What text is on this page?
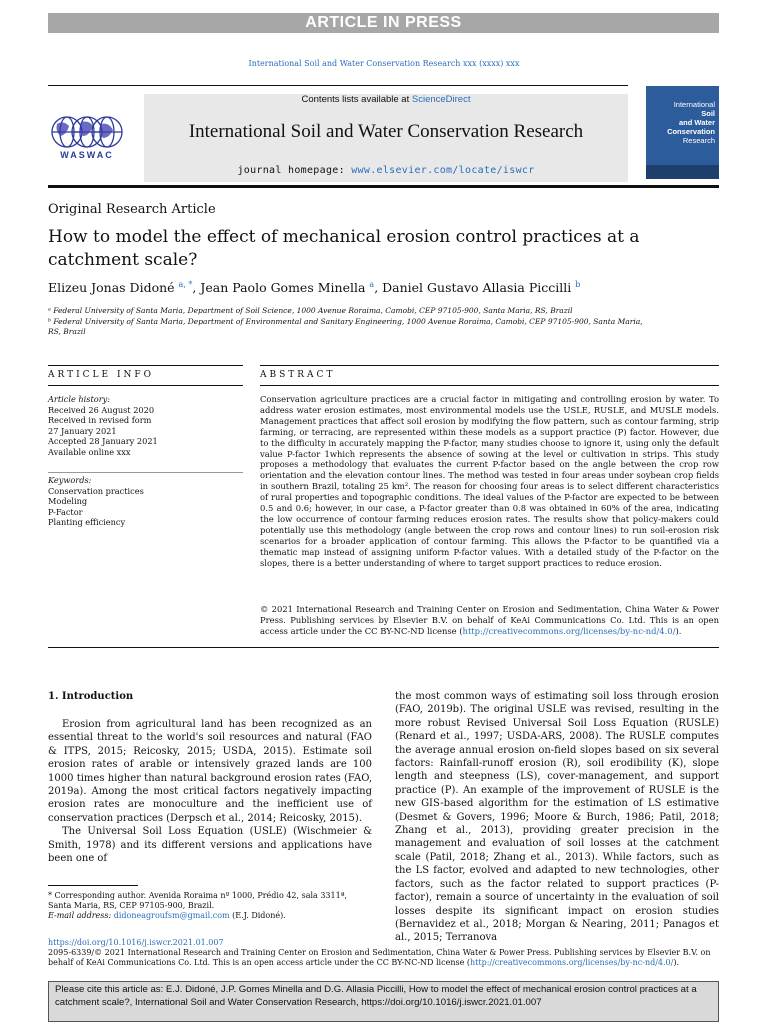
ARTICLE IN PRESS
International Soil and Water Conservation Research xxx (xxxx) xxx
WASWAC
Contents lists available at ScienceDirect
International Soil and Water Conservation Research
journal homepage: www.elsevier.com/locate/iswcr
International
Soil
and Water
Conservation
Research
Original Research Article
How to model the effect of mechanical erosion control practices at a catchment scale?
Elizeu Jonas Didoné $^{a, *}$, Jean Paolo Gomes Minella $^a$, Daniel Gustavo Allasia Piccilli $^b$
ᵃ Federal University of Santa Maria, Department of Soil Science, 1000 Avenue Roraima, Camobi, CEP 97105-900, Santa Maria, RS, Brazil
ᵇ Federal University of Santa Maria, Department of Environmental and Sanitary Engineering, 1000 Avenue Roraima, Camobi, CEP 97105-900, Santa Maria, RS, Brazil
ARTICLE INFO	ABSTRACT
Article history:
Received 26 August 2020
Received in revised form
27 January 2021
Accepted 28 January 2021
Available online xxx
Keywords:
Conservation practices
Modeling
P-Factor
Planting efficiency
Conservation agriculture practices are a crucial factor in mitigating and controlling erosion by water. To address water erosion estimates, most environmental models use the USLE, RUSLE, and MUSLE models. Management practices that affect soil erosion by modifying the flow pattern, such as contour farming, strip farming, or terracing, are represented within these models as a support practice (P) factor. However, due to the difficulty in accurately mapping the P-factor, many studies choose to ignore it, using only the default value P-factor 1which represents the absence of sowing at the level or cultivation in strips. This study proposes a methodology that evaluates the current P-factor based on the angle between the crop row orientation and the elevation contour lines. The method was tested in four areas under soybean crop fields in southern Brazil, totaling 25 km². The reason for choosing four areas is to select different characteristics of rural properties and topographic conditions. The ideal values of the P-factor are expected to be between 0.5 and 0.6; however, in our case, a P-factor greater than 0.8 was obtained in 60% of the area, indicating the low occurrence of contour farming reduces erosion rates. The results show that policy-makers could potentially use this methodology (angle between the crop rows and contour lines) to run soil-erosion risk scenarios for a broader application of contour farming. This allows the P-factor to be quantified via a thematic map instead of assigning uniform P-factor values. With a detailed study of the P-factor on the slopes, there is a better understanding of where to target support practices to reduce erosion.
© 2021 International Research and Training Center on Erosion and Sedimentation, China Water & Power Press. Publishing services by Elsevier B.V. on behalf of KeAi Communications Co. Ltd. This is an open access article under the CC BY-NC-ND license (http://creativecommons.org/licenses/by-nc-nd/4.0/).
1. Introduction

Erosion from agricultural land has been recognized as an essential threat to the world's soil resources and natural (FAO & ITPS, 2015; Reicosky, 2015; USDA, 2015). Estimate soil erosion rates of arable or intensively grazed lands are 100 1000 times higher than natural background erosion rates (FAO, 2019a). Among the most critical factors negatively impacting erosion rates are monoculture and the inefficient use of conservation practices (Derpsch et al., 2014; Reicosky, 2015).

The Universal Soil Loss Equation (USLE) (Wischmeier & Smith, 1978) and its different versions and applications have been one of

the most common ways of estimating soil loss through erosion (FAO, 2019b). The original USLE was revised, resulting in the more robust Revised Universal Soil Loss Equation (RUSLE) (Renard et al., 1997; USDA-ARS, 2008). The RUSLE computes the average annual erosion on-field slopes based on six several factors: Rainfall-runoff erosion (R), soil erodibility (K), slope length and steepness (LS), cover-management, and support practice (P). An example of the improvement of RUSLE is the new GIS-based algorithm for the estimation of LS estimative (Desmet & Govers, 1996; Moore & Burch, 1986; Patil, 2018; Zhang et al., 2013), providing greater precision in the management and evaluation of soil losses at the catchment scale (Patil, 2018; Zhang et al., 2013). While factors, such as the LS factor, evolved and adapted to new technologies, other factors, such as the factor related to support practices (P-factor), remain a source of uncertainty in the evaluation of soil losses despite its significant impact on erosion studies (Bernavidez et al., 2018; Morgan & Nearing, 2011; Panagos et al., 2015; Terranova
* Corresponding author. Avenida Roraima nº 1000, Prédio 42, sala 3311ª, Santa Maria, RS, CEP 97105-900, Brazil.
E-mail address: didoneagroufsm@gmail.com (E.J. Didoné).
https://doi.org/10.1016/j.iswcr.2021.01.007
2095-6339/© 2021 International Research and Training Center on Erosion and Sedimentation, China Water & Power Press. Publishing services by Elsevier B.V. on behalf of KeAi Communications Co. Ltd. This is an open access article under the CC BY-NC-ND license (http://creativecommons.org/licenses/by-nc-nd/4.0/).
Please cite this article as: E.J. Didoné, J.P. Gomes Minella and D.G. Allasia Piccilli, How to model the effect of mechanical erosion control practices at a catchment scale?, International Soil and Water Conservation Research, https://doi.org/10.1016/j.iswcr.2021.01.007
